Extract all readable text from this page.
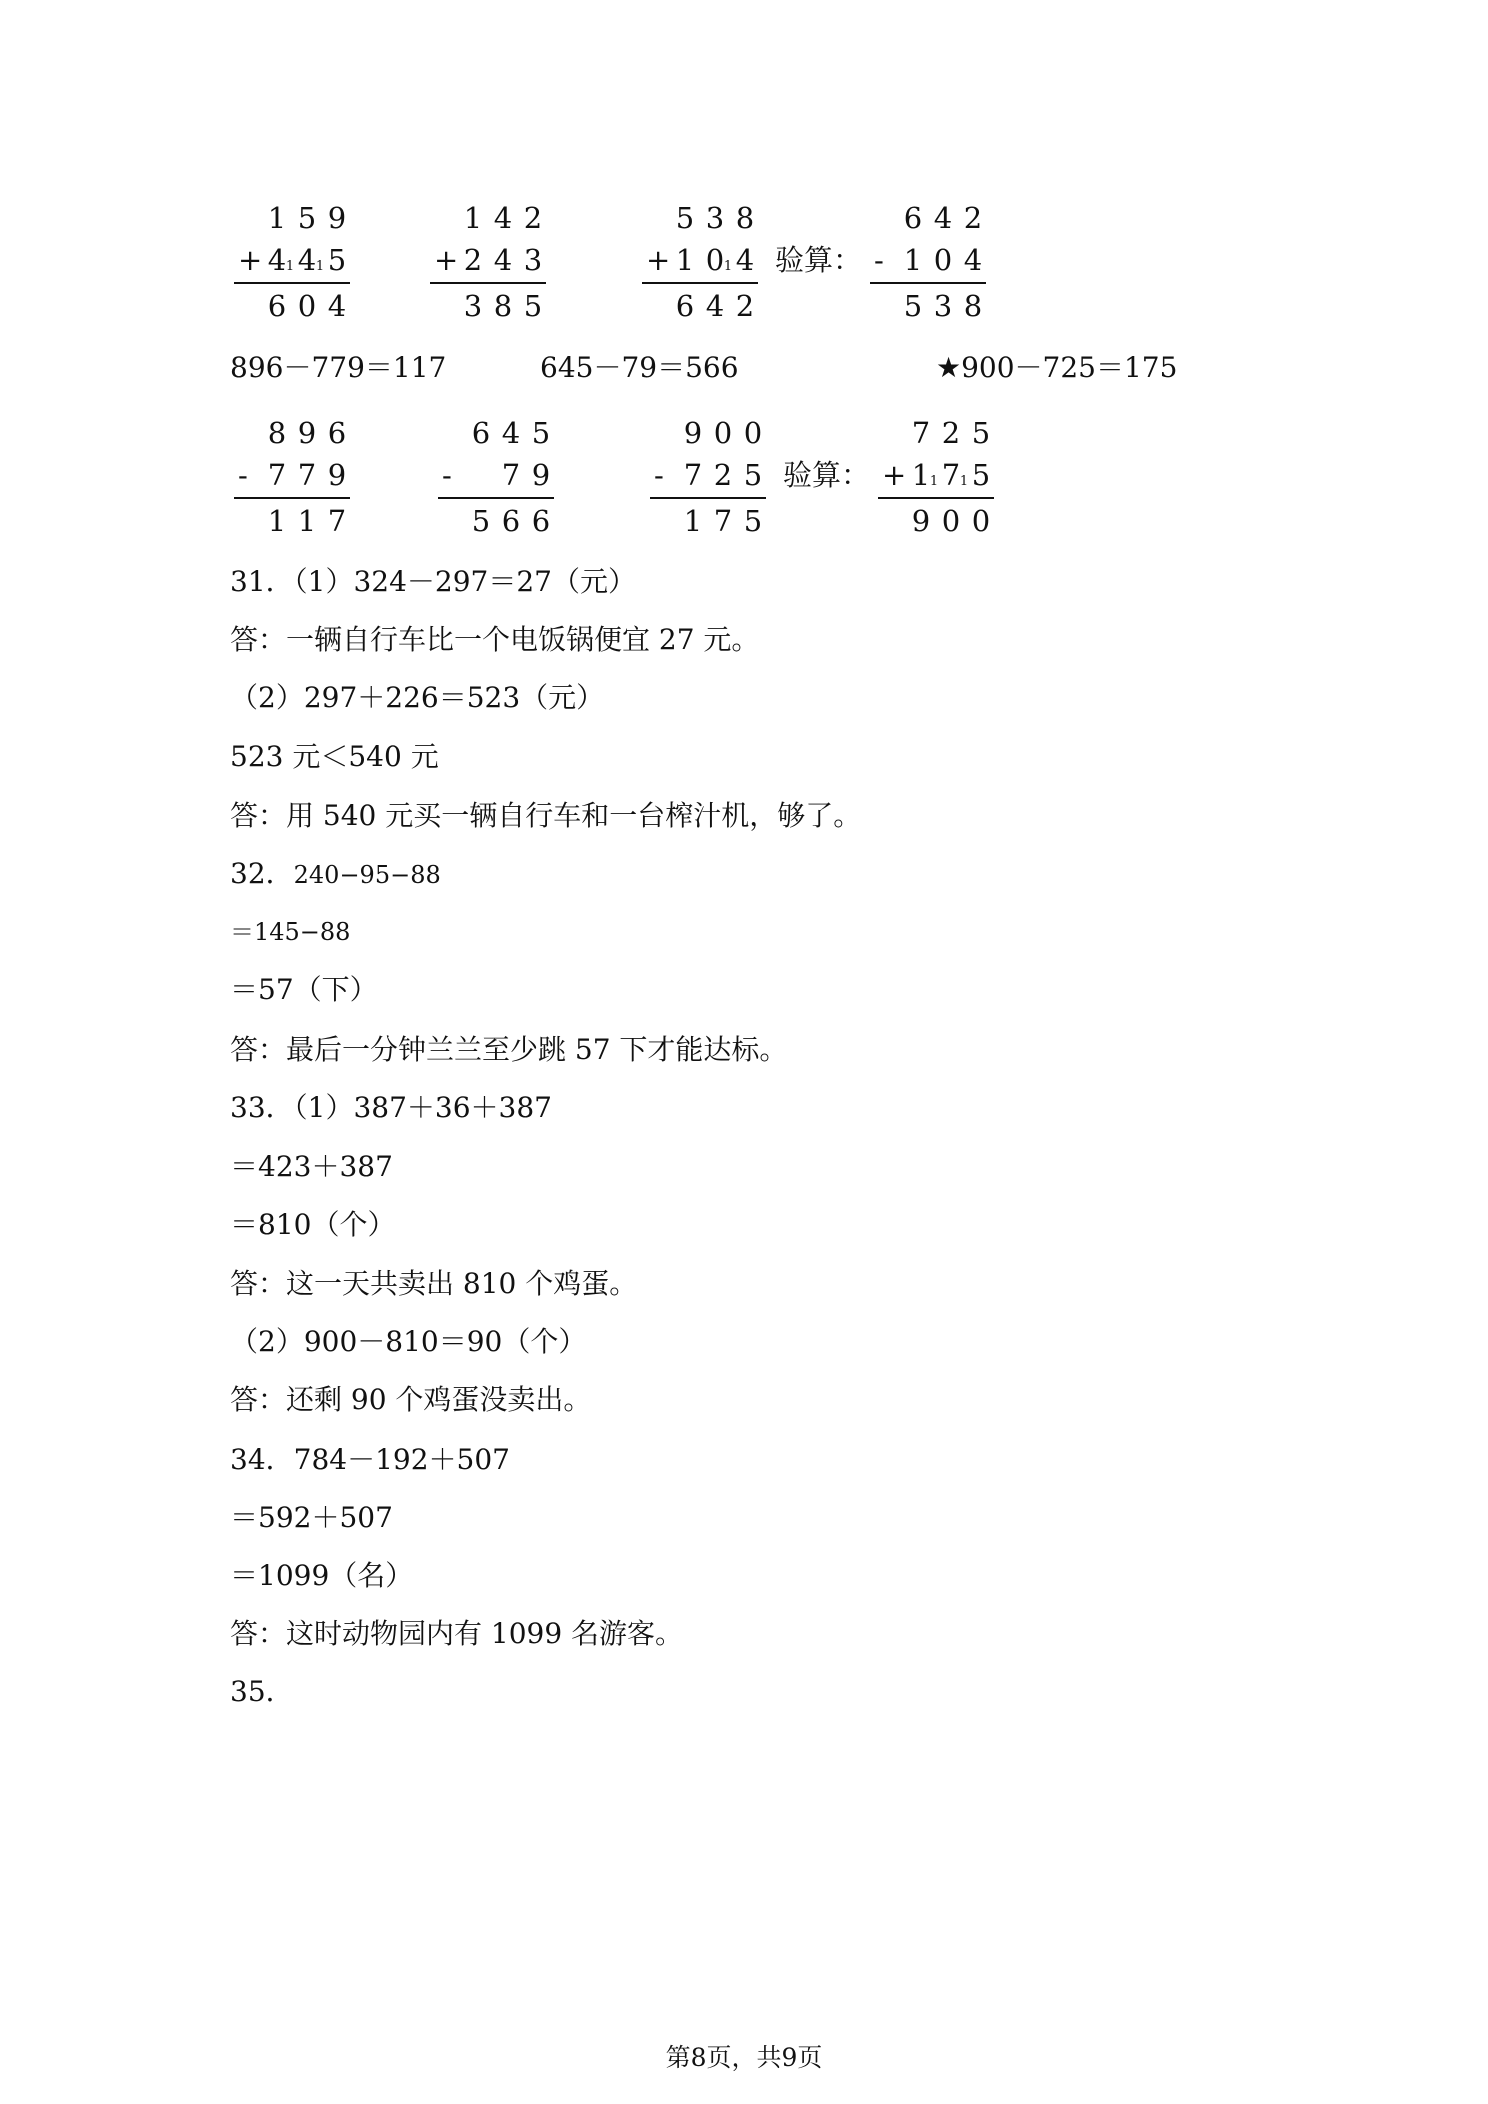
1 5 9
+ 4 1 4 1 5
6 0 4
1 4 2
+ 2 4 3
3 8 5
5 3 8
+ 1 0 1 4
6 4 2
验算：
6 4 2
- 1 0 4
5 3 8
896－779＝117	645－79＝566	★900－725＝175
8 9 6
- 7 7 9
1 1 7
6 4 5
- 7 9
5 6 6
9 0 0
- 7 2 5
1 7 5
验算：
7 2 5
+ 1 1 7 1 5
9 0 0
31．（1）324－297＝27（元）
答：一辆自行车比一个电饭锅便宜 27 元。
（2）297＋226＝523（元）
523 元＜540 元
答：用 540 元买一辆自行车和一台榨汁机，够了。
32．240−95−88
＝145−88
＝57（下）
答：最后一分钟兰兰至少跳 57 下才能达标。
33．（1）387＋36＋387
＝423＋387
＝810（个）
答：这一天共卖出 810 个鸡蛋。
（2）900－810＝90（个）
答：还剩 90 个鸡蛋没卖出。
34．784－192＋507
＝592＋507
＝1099（名）
答：这时动物园内有 1099 名游客。
35．
第8页，共9页
